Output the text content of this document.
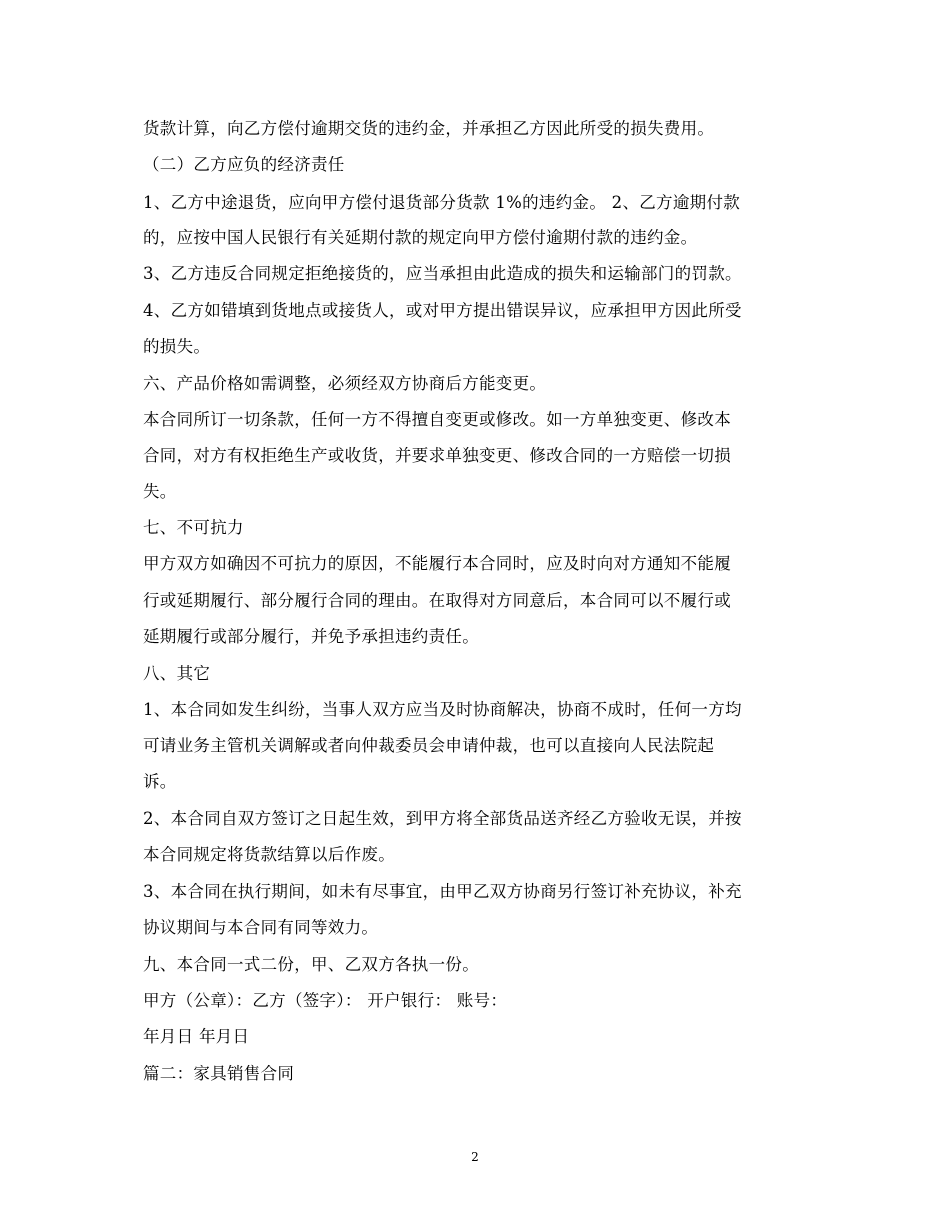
货款计算，向乙方偿付逾期交货的违约金，并承担乙方因此所受的损失费用。
（二）乙方应负的经济责任
1、乙方中途退货，应向甲方偿付退货部分货款 1%的违约金。 2、乙方逾期付款
的，应按中国人民银行有关延期付款的规定向甲方偿付逾期付款的违约金。
3、乙方违反合同规定拒绝接货的，应当承担由此造成的损失和运输部门的罚款。
4、乙方如错填到货地点或接货人，或对甲方提出错误异议，应承担甲方因此所受
的损失。
六、产品价格如需调整，必须经双方协商后方能变更。
本合同所订一切条款，任何一方不得擅自变更或修改。如一方单独变更、修改本
合同，对方有权拒绝生产或收货，并要求单独变更、修改合同的一方赔偿一切损
失。
七、不可抗力
甲方双方如确因不可抗力的原因，不能履行本合同时，应及时向对方通知不能履
行或延期履行、部分履行合同的理由。在取得对方同意后，本合同可以不履行或
延期履行或部分履行，并免予承担违约责任。
八、其它
1、本合同如发生纠纷，当事人双方应当及时协商解决，协商不成时，任何一方均
可请业务主管机关调解或者向仲裁委员会申请仲裁，也可以直接向人民法院起
诉。
2、本合同自双方签订之日起生效，到甲方将全部货品送齐经乙方验收无误，并按
本合同规定将货款结算以后作废。
3、本合同在执行期间，如未有尽事宜，由甲乙双方协商另行签订补充协议，补充
协议期间与本合同有同等效力。
九、本合同一式二份，甲、乙双方各执一份。
甲方（公章）：乙方（签字）： 开户银行： 账号：
年月日 年月日
篇二：家具销售合同
2
